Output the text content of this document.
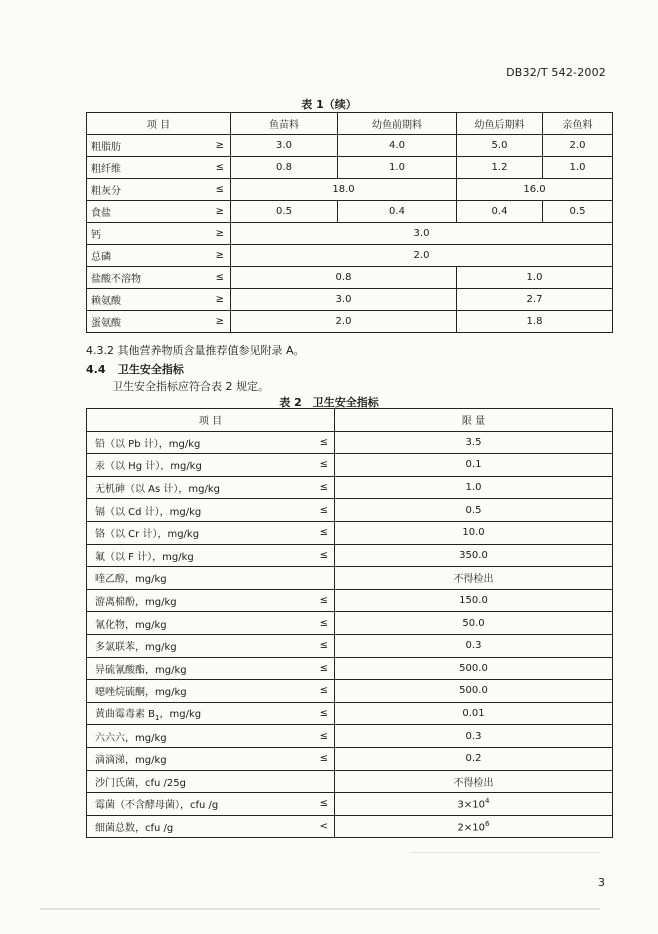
DB32/T 542-2002
表 1（续）
项 目		鱼苗料	幼鱼前期料	幼鱼后期料	亲鱼料
粗脂肪	≥	3.0	4.0	5.0	2.0
粗纤维	≤	0.8	1.0	1.2	1.0
粗灰分	≤	18.0		16.0	
食盐	≥	0.5	0.4	0.4	0.5
钙	≥	3.0			
总磷	≥	2.0			
盐酸不溶物	≤	0.8		1.0	
赖氨酸	≥	3.0		2.7	
蛋氨酸	≥	2.0		1.8	
4.3.2 其他营养物质含量推荐值参见附录 A。
4.4 卫生安全指标
卫生安全指标应符合表 2 规定。
表 2　卫生安全指标
项 目		限 量
铅（以 Pb 计），mg/kg	≤	3.5
汞（以 Hg 计），mg/kg	≤	0.1
无机砷（以 As 计），mg/kg	≤	1.0
镉（以 Cd 计），mg/kg	≤	0.5
铬（以 Cr 计），mg/kg	≤	10.0
氟（以 F 计），mg/kg	≤	350.0
喹乙醇，mg/kg		不得检出
游离棉酚，mg/kg	≤	150.0
氰化物，mg/kg	≤	50.0
多氯联苯，mg/kg	≤	0.3
异硫氰酸酯，mg/kg	≤	500.0
噁唑烷硫酮，mg/kg	≤	500.0
黄曲霉毒素 $B_1$，mg/kg	≤	0.01
六六六，mg/kg	≤	0.3
滴滴涕，mg/kg	≤	0.2
沙门氏菌，cfu /25g		不得检出
霉菌（不含酵母菌），cfu /g	≤	$3\times 10^4$
细菌总数，cfu /g	<	$2\times 10^6$
3
